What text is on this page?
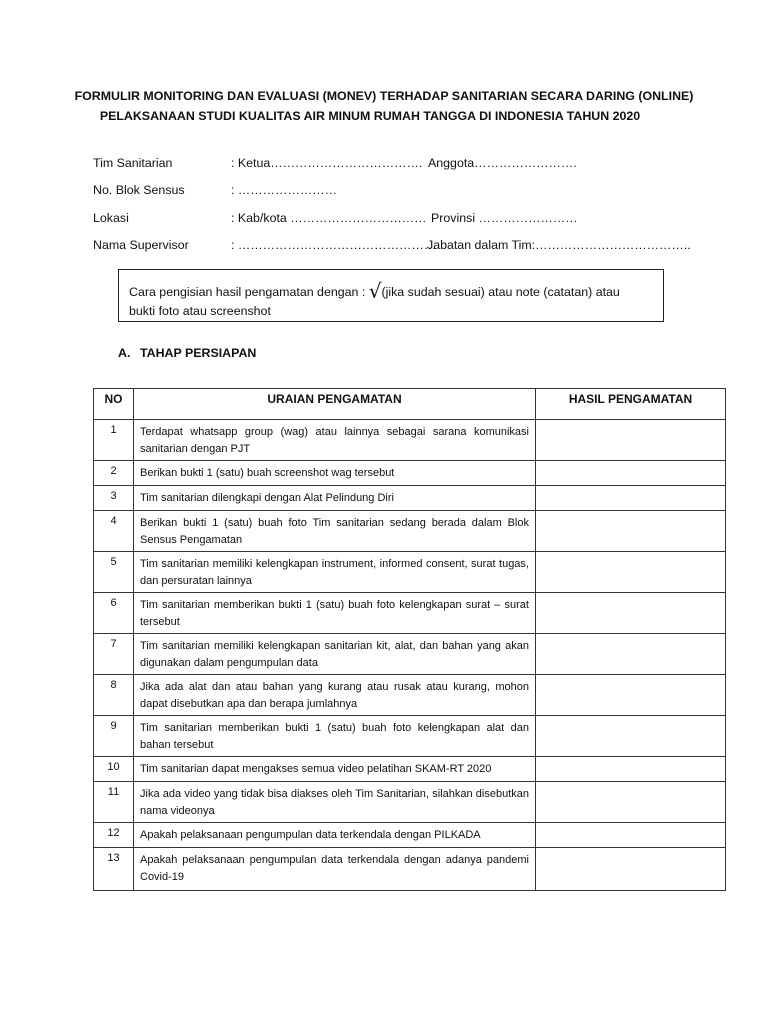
FORMULIR MONITORING DAN EVALUASI (MONEV) TERHADAP SANITARIAN SECARA DARING (ONLINE)
PELAKSANAAN STUDI KUALITAS AIR MINUM RUMAH TANGGA DI INDONESIA TAHUN 2020
Tim Sanitarian	: Ketua………………………………. Anggota…………………….
No. Blok Sensus	: ……………………
Lokasi	: Kab/kota …………………………… Provinsi ……………………
Nama Supervisor	: …………………………………………
Jabatan dalam Tim:………………………………..
Cara pengisian hasil pengamatan dengan : √(jika sudah sesuai) atau note (catatan) atau
bukti foto atau screenshot
A. TAHAP PERSIAPAN
NO	URAIAN PENGAMATAN	HASIL PENGAMATAN
1	Terdapat whatsapp group (wag) atau lainnya sebagai sarana komunikasi sanitarian dengan PJT	
2	Berikan bukti 1 (satu) buah screenshot wag tersebut	
3	Tim sanitarian dilengkapi dengan Alat Pelindung Diri	
4	Berikan bukti 1 (satu) buah foto Tim sanitarian sedang berada dalam Blok Sensus Pengamatan	
5	Tim sanitarian memiliki kelengkapan instrument, informed consent, surat tugas, dan persuratan lainnya	
6	Tim sanitarian memberikan bukti 1 (satu) buah foto kelengkapan surat – surat tersebut	
7	Tim sanitarian memiliki kelengkapan sanitarian kit, alat, dan bahan yang akan digunakan dalam pengumpulan data	
8	Jika ada alat dan atau bahan yang kurang atau rusak atau kurang, mohon dapat disebutkan apa dan berapa jumlahnya	
9	Tim sanitarian memberikan bukti 1 (satu) buah foto kelengkapan alat dan bahan tersebut	
10	Tim sanitarian dapat mengakses semua video pelatihan SKAM-RT 2020	
11	Jika ada video yang tidak bisa diakses oleh Tim Sanitarian, silahkan disebutkan nama videonya	
12	Apakah pelaksanaan pengumpulan data terkendala dengan PILKADA	
13	Apakah pelaksanaan pengumpulan data terkendala dengan adanya pandemi Covid-19	
